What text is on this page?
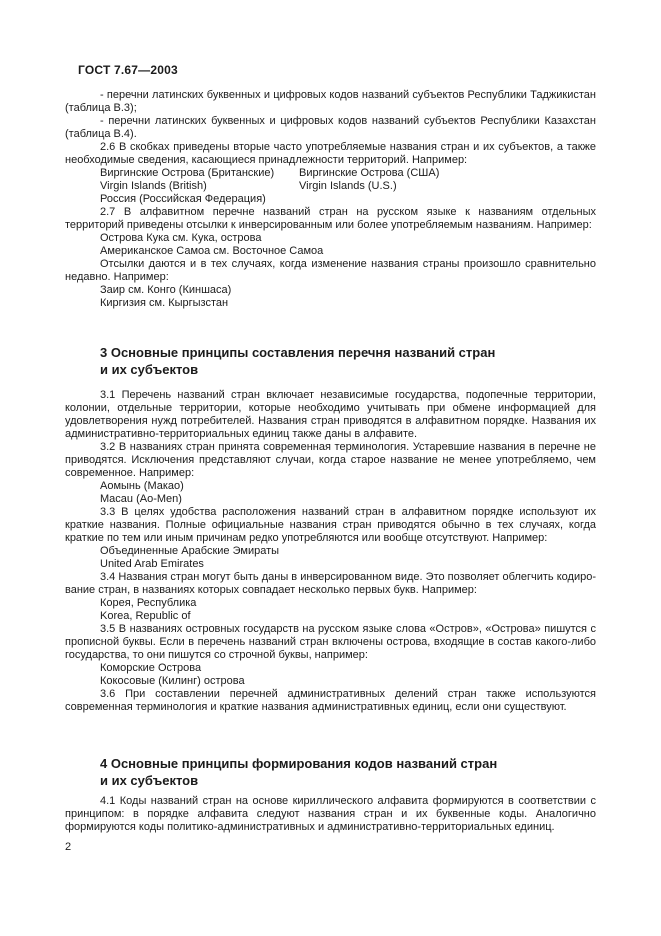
ГОСТ 7.67—2003
- перечни латинских буквенных и цифровых кодов названий субъектов Республики Таджикистан (таблица В.3);
- перечни латинских буквенных и цифровых кодов названий субъектов Республики Казахстан (таблица В.4).
2.6 В скобках приведены вторые часто употребляемые названия стран и их субъектов, а также необходимые сведения, касающиеся принадлежности территорий. Например:
Виргинские Острова (Британские)	Виргинские Острова (США)
Virgin Islands (British)	Virgin Islands (U.S.)
Россия (Российская Федерация)
2.7 В алфавитном перечне названий стран на русском языке к названиям отдельных территорий приведены отсылки к инверсированным или более употребляемым названиям. Например:
Острова Кука см. Кука, острова
Американское Самоа см. Восточное Самоа
Отсылки даются и в тех случаях, когда изменение названия страны произошло сравнительно недавно. Например:
Заир см. Конго (Киншаса)
Киргизия см. Кыргызстан
3 Основные принципы составления перечня названий стран
и их субъектов
3.1 Перечень названий стран включает независимые государства, подопечные территории, колонии, отдельные территории, которые необходимо учитывать при обмене информацией для удовлетворения нужд потребителей. Названия стран приводятся в алфавитном порядке. Названия их административно-территориальных единиц также даны в алфавите.
3.2 В названиях стран принята современная терминология. Устаревшие названия в перечне не приводятся. Исключения представляют случаи, когда старое название не менее употребляемо, чем современное. Например:
Аомынь (Макао)
Macau (Ao-Men)
3.3 В целях удобства расположения названий стран в алфавитном порядке используют их краткие названия. Полные официальные названия стран приводятся обычно в тех случаях, когда краткие по тем или иным причинам редко употребляются или вообще отсутствуют. Например:
Объединенные Арабские Эмираты
United Arab Emirates
3.4 Названия стран могут быть даны в инверсированном виде. Это позволяет облегчить кодирование стран, в названиях которых совпадает несколько первых букв. Например:
Корея, Республика
Korea, Republic of
3.5 В названиях островных государств на русском языке слова «Остров», «Острова» пишутся с прописной буквы. Если в перечень названий стран включены острова, входящие в состав какого-либо государства, то они пишутся со строчной буквы, например:
Коморские Острова
Кокосовые (Килинг) острова
3.6 При составлении перечней административных делений стран также используются современная терминология и краткие названия административных единиц, если они существуют.
4 Основные принципы формирования кодов названий стран
и их субъектов
4.1 Коды названий стран на основе кириллического алфавита формируются в соответствии с принципом: в порядке алфавита следуют названия стран и их буквенные коды. Аналогично формируются коды политико-административных и административно-территориальных единиц.
2
